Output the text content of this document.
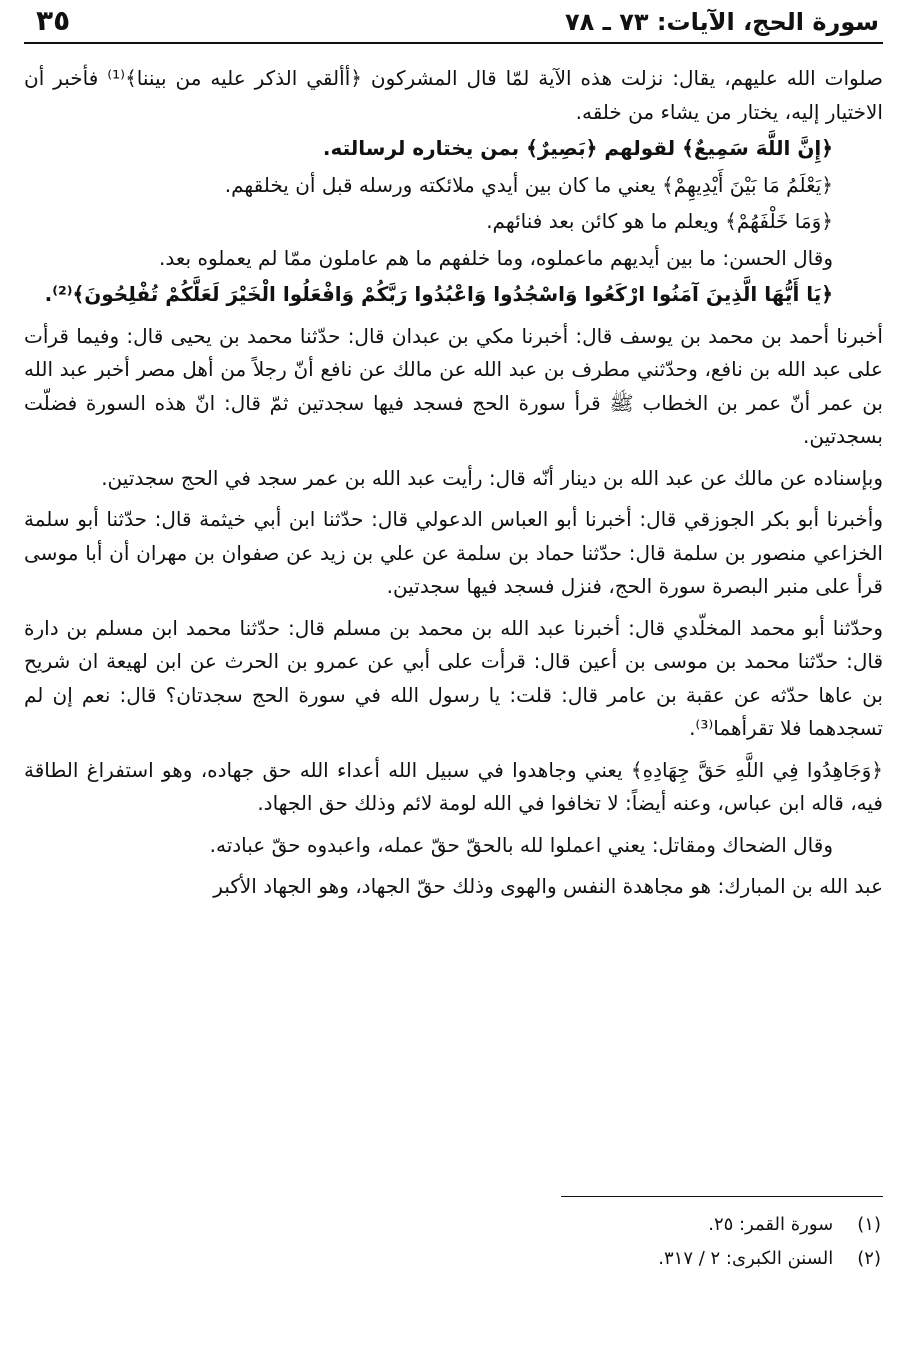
٣٥	سورة الحج، الآيات: ٧٣ ـ ٧٨

صلوات الله عليهم، يقال: نزلت هذه الآية لمّا قال المشركون ﴿أألقي الذكر عليه من بيننا﴾⁽¹⁾ فأخبر أن الاختيار إليه، يختار من يشاء من خلقه.

﴿إِنَّ اللَّهَ سَمِيعٌ﴾ لقولهم ﴿بَصِيرٌ﴾ بمن يختاره لرسالته.

﴿يَعْلَمُ مَا بَيْنَ أَيْدِيهِمْ﴾ يعني ما كان بين أيدي ملائكته ورسله قبل أن يخلقهم.

﴿وَمَا خَلْفَهُمْ﴾ ويعلم ما هو كائن بعد فنائهم.

وقال الحسن: ما بين أيديهم ماعملوه، وما خلفهم ما هم عاملون ممّا لم يعملوه بعد.

﴿يَا أَيُّهَا الَّذِينَ آمَنُوا ارْكَعُوا وَاسْجُدُوا وَاعْبُدُوا رَبَّكُمْ وَافْعَلُوا الْخَيْرَ لَعَلَّكُمْ تُفْلِحُونَ﴾⁽²⁾.

أخبرنا أحمد بن محمد بن يوسف قال: أخبرنا مكي بن عبدان قال: حدّثنا محمد بن يحيى قال: وفيما قرأت على عبد الله بن نافع، وحدّثني مطرف بن عبد الله عن مالك عن نافع أنّ رجلاً من أهل مصر أخبر عبد الله بن عمر أنّ عمر بن الخطاب ﷺ قرأ سورة الحج فسجد فيها سجدتين ثمّ قال: انّ هذه السورة فضلّت بسجدتين.

وبإسناده عن مالك عن عبد الله بن دينار أنّه قال: رأيت عبد الله بن عمر سجد في الحج سجدتين.

وأخبرنا أبو بكر الجوزقي قال: أخبرنا أبو العباس الدعولي قال: حدّثنا ابن أبي خيثمة قال: حدّثنا أبو سلمة الخزاعي منصور بن سلمة قال: حدّثنا حماد بن سلمة عن علي بن زيد عن صفوان بن مهران أن أبا موسى قرأ على منبر البصرة سورة الحج، فنزل فسجد فيها سجدتين.

وحدّثنا أبو محمد المخلّدي قال: أخبرنا عبد الله بن محمد بن مسلم قال: حدّثنا محمد ابن مسلم بن دارة قال: حدّثنا محمد بن موسى بن أعين قال: قرأت على أبي عن عمرو بن الحرث عن ابن لهيعة ان شريح بن عاها حدّثه عن عقبة بن عامر قال: قلت: يا رسول الله في سورة الحج سجدتان؟ قال: نعم إن لم تسجدهما فلا تقرأهما⁽³⁾.

﴿وَجَاهِدُوا فِي اللَّهِ حَقَّ جِهَادِهِ﴾ يعني وجاهدوا في سبيل الله أعداء الله حق جهاده، وهو استفراغ الطاقة فيه، قاله ابن عباس، وعنه أيضاً: لا تخافوا في الله لومة لائم وذلك حق الجهاد.

وقال الضحاك ومقاتل: يعني اعملوا لله بالحقّ حقّ عمله، واعبدوه حقّ عبادته.

عبد الله بن المبارك: هو مجاهدة النفس والهوى وذلك حقّ الجهاد، وهو الجهاد الأكبر

(١) سورة القمر: ٢٥.

(٢) السنن الكبرى: ٢ / ٣١٧.
